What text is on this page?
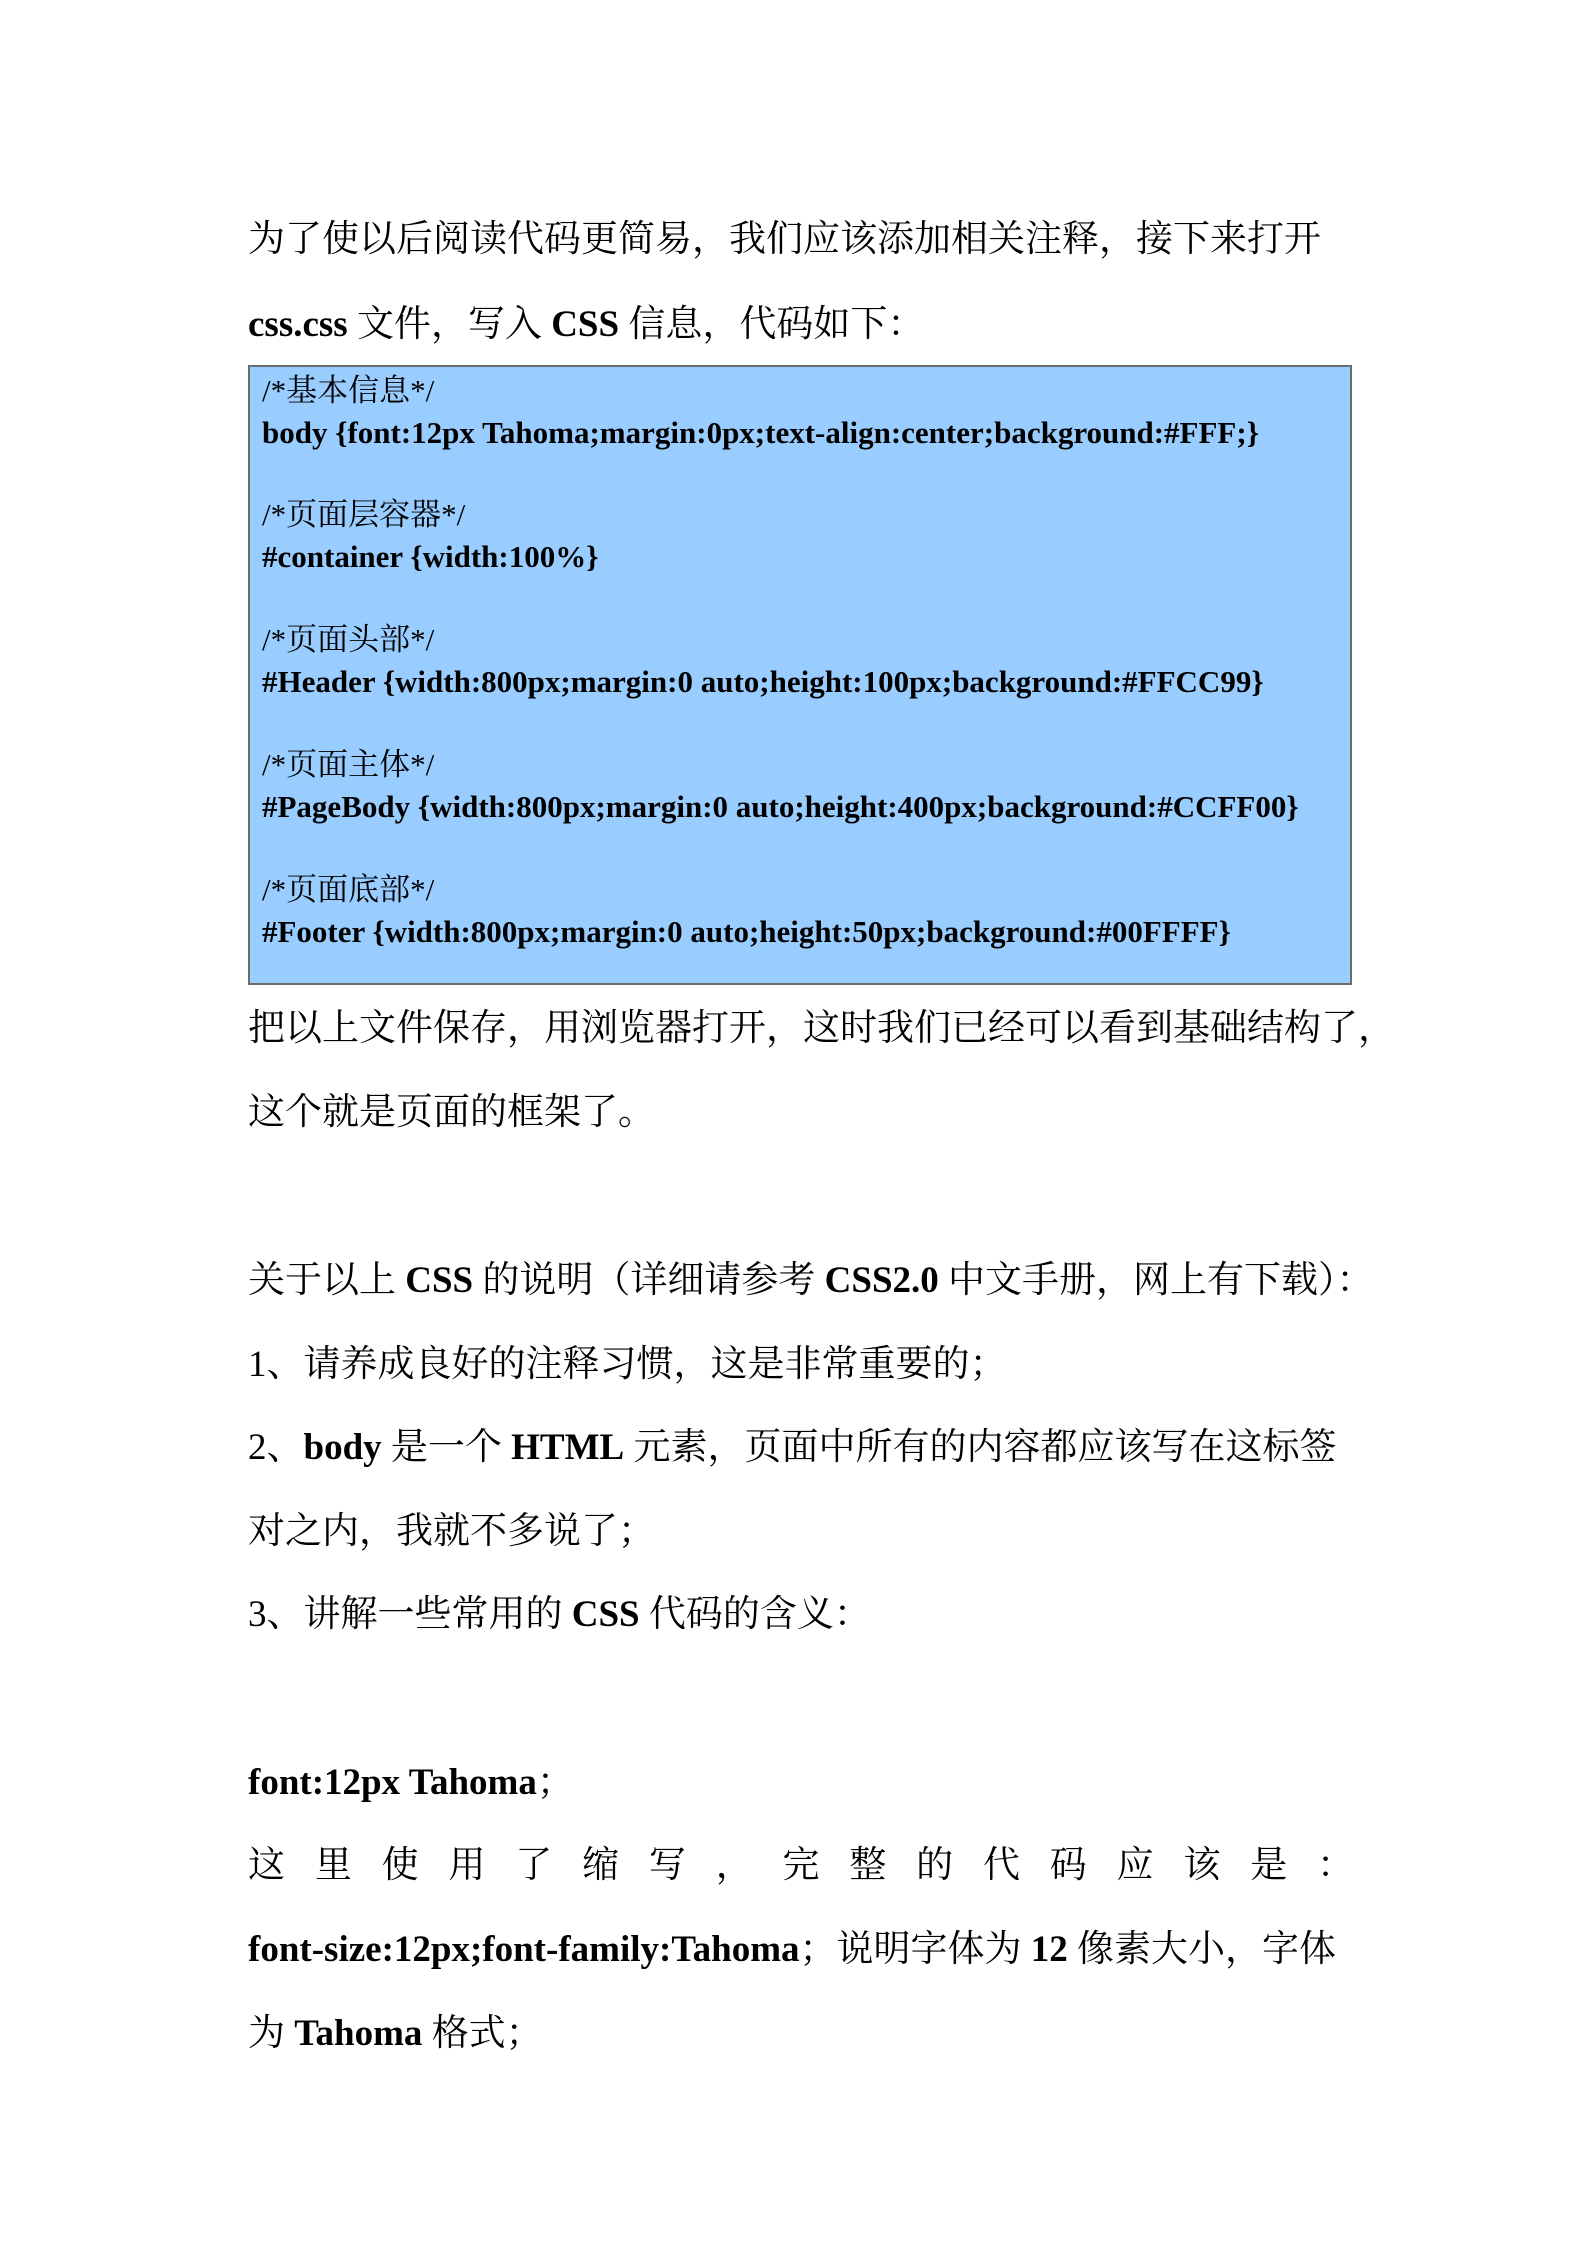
为了使以后阅读代码更简易，我们应该添加相关注释，接下来打开
css.css 文件，写入 CSS 信息，代码如下：
/*基本信息*/
body {font:12px Tahoma;margin:0px;text-align:center;background:#FFF;}
/*页面层容器*/
#container {width:100%}
/*页面头部*/
#Header {width:800px;margin:0 auto;height:100px;background:#FFCC99}
/*页面主体*/
#PageBody {width:800px;margin:0 auto;height:400px;background:#CCFF00}
/*页面底部*/
#Footer {width:800px;margin:0 auto;height:50px;background:#00FFFF}
把以上文件保存，用浏览器打开，这时我们已经可以看到基础结构了，
这个就是页面的框架了。
关于以上 CSS 的说明（详细请参考 CSS2.0 中文手册，网上有下载）：
1、请养成良好的注释习惯，这是非常重要的；
2、body 是一个 HTML 元素，页面中所有的内容都应该写在这标签
对之内，我就不多说了；
3、讲解一些常用的 CSS 代码的含义：
font:12px Tahoma；
这 里 使 用 了 缩 写 ， 完 整 的 代 码 应 该 是 ：
font-size:12px;font-family:Tahoma；说明字体为 12 像素大小，字体
为 Tahoma 格式；
